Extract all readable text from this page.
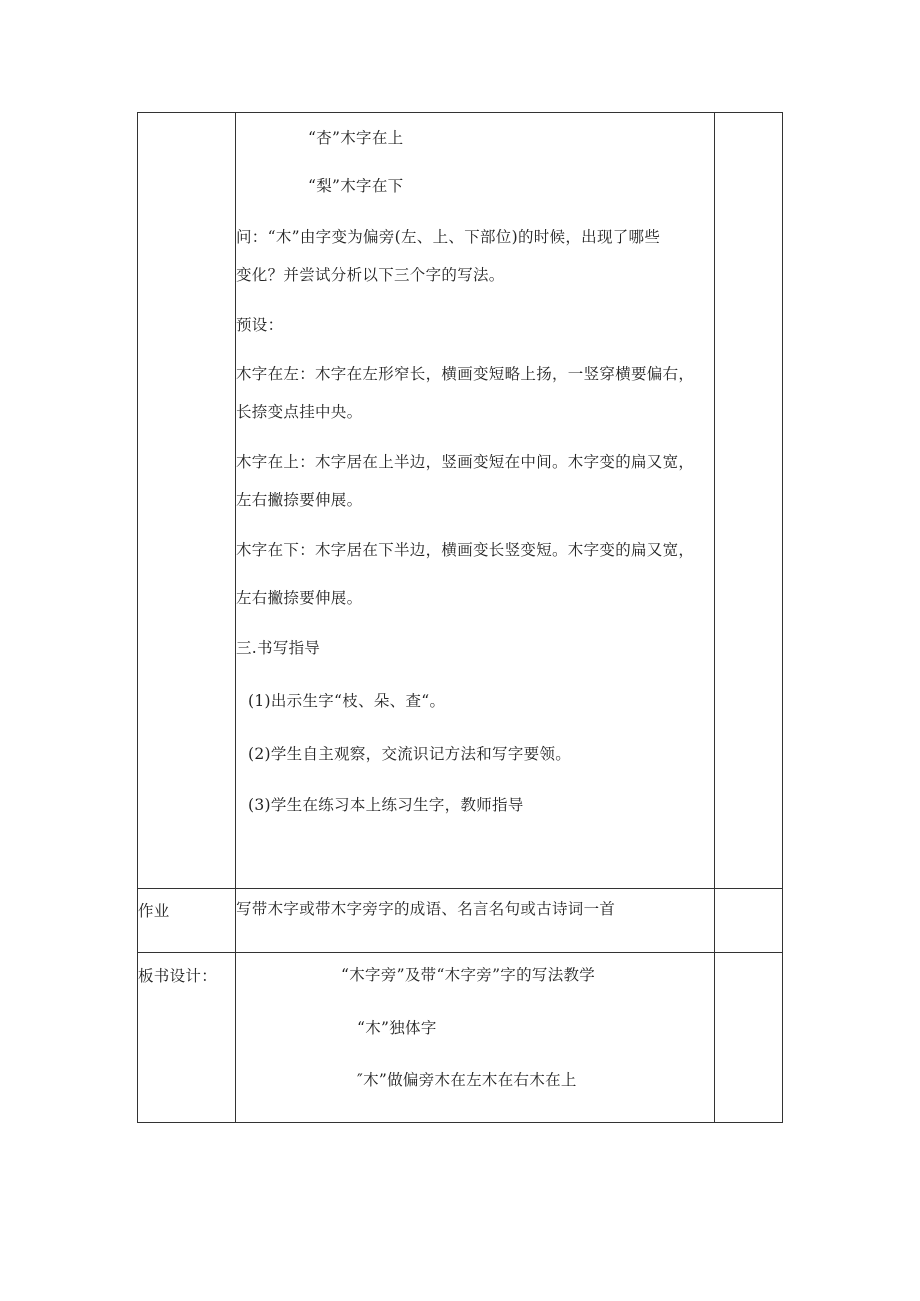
“杏”木字在上
“梨”木字在下
问：“木”由字变为偏旁(左、上、下部位)的时候，出现了哪些
变化？并尝试分析以下三个字的写法。
预设：
木字在左：木字在左形窄长，横画变短略上扬，一竖穿横要偏右，
长捺变点挂中央。
木字在上：木字居在上半边，竖画变短在中间。木字变的扁又宽，
左右撇捺要伸展。
木字在下：木字居在下半边，横画变长竖变短。木字变的扁又宽，
左右撇捺要伸展。
三.书写指导
(1)出示生字“枝、朵、查“。
(2)学生自主观察，交流识记方法和写字要领。
(3)学生在练习本上练习生字，教师指导
作业	写带木字或带木字旁字的成语、名言名句或古诗词一首
板书设计：	“木字旁”及带“木字旁”字的写法教学
“木”独体字
″木”做偏旁木在左木在右木在上
